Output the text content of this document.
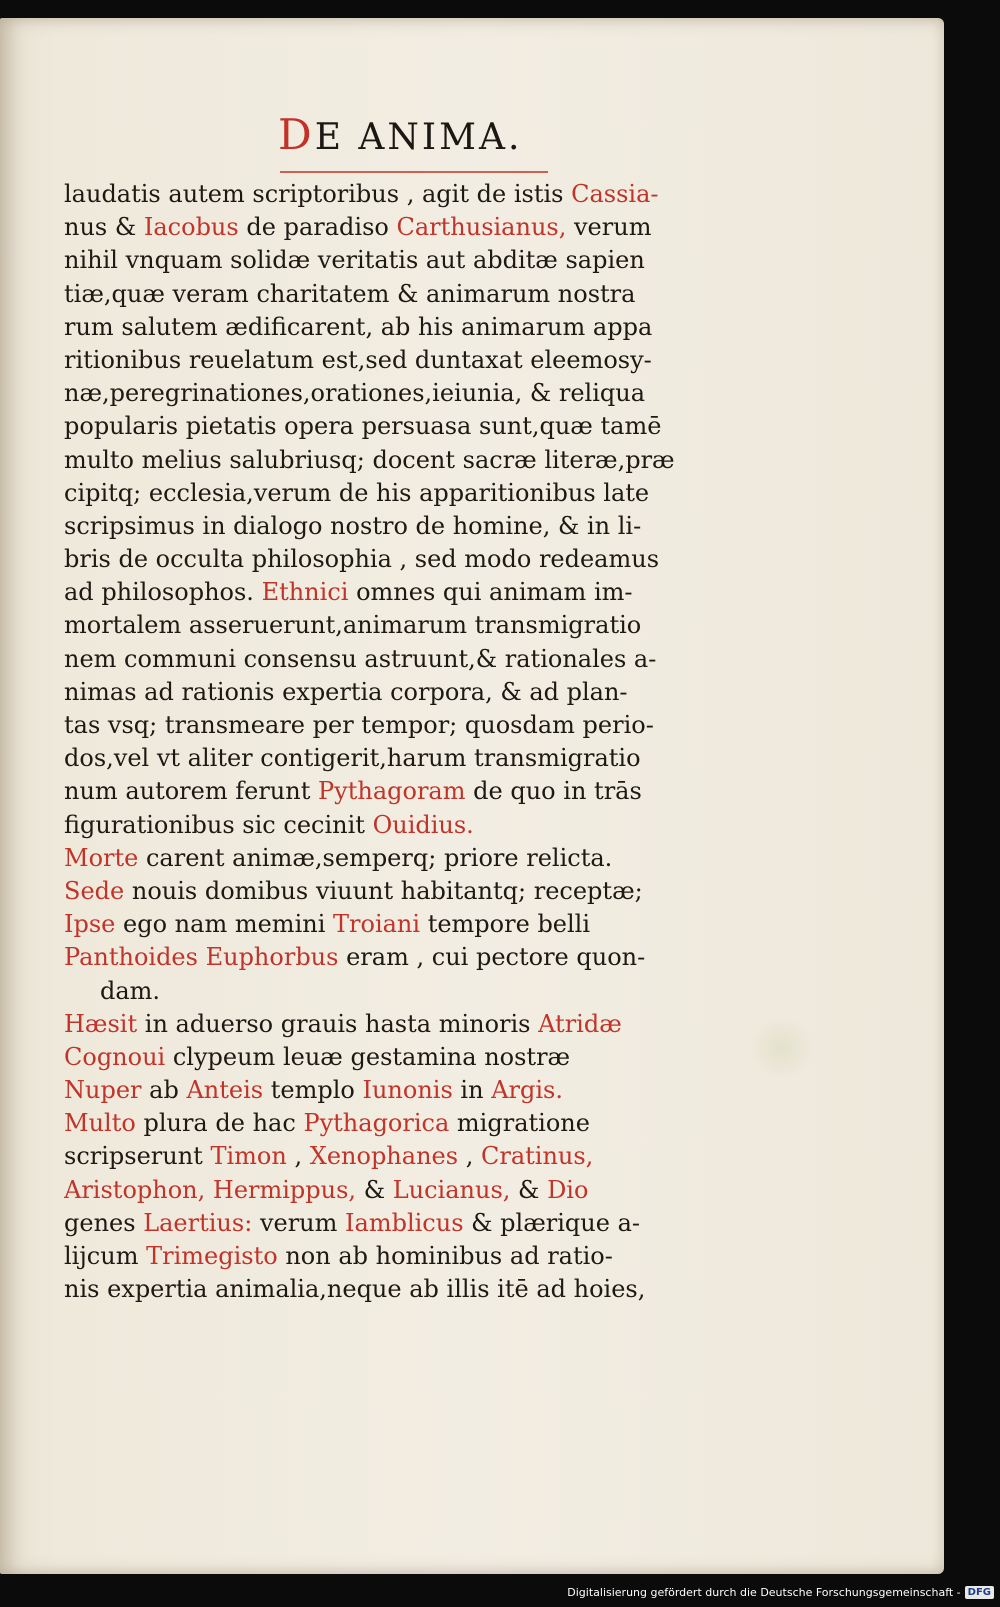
DE ANIMA.
laudatis autem scriptoribus , agit de istis Cassia-
nus & Iacobus de paradiso Carthusianus, verum
nihil vnquam solidæ veritatis aut abditæ sapien
tiæ,quæ veram charitatem & animarum nostra
rum salutem ædificarent, ab his animarum appa
ritionibus reuelatum est,sed duntaxat eleemosy-
næ,peregrinationes,orationes,ieiunia, & reliqua
popularis pietatis opera persuasa sunt,quæ tamē
multo melius salubriusq; docent sacræ literæ,præ
cipitq; ecclesia,verum de his apparitionibus late
scripsimus in dialogo nostro de homine, & in li-
bris de occulta philosophia , sed modo redeamus
ad philosophos. Ethnici omnes qui animam im-
mortalem asseruerunt,animarum transmigratio
nem communi consensu astruunt,& rationales a-
nimas ad rationis expertia corpora, & ad plan-
tas vsq; transmeare per tempor; quosdam perio-
dos,vel vt aliter contigerit,harum transmigratio
num autorem ferunt Pythagoram de quo in trās
figurationibus sic cecinit Ouidius.
Morte carent animæ,semperq; priore relicta.
Sede nouis domibus viuunt habitantq; receptæ;
Ipse ego nam memini Troiani tempore belli
Panthoides Euphorbus eram , cui pectore quon-
dam.
Hæsit in aduerso grauis hasta minoris Atridæ
Cognoui clypeum leuæ gestamina nostræ
Nuper ab Anteis templo Iunonis in Argis.
Multo plura de hac Pythagorica migratione
scripserunt Timon , Xenophanes , Cratinus,
Aristophon, Hermippus, & Lucianus, & Dio
genes Laertius: verum Iamblicus & plærique a-
lijcum Trimegisto non ab hominibus ad ratio-
nis expertia animalia,neque ab illis itē ad hoies,
Digitalisierung gefördert durch die Deutsche Forschungsgemeinschaft - DFG
